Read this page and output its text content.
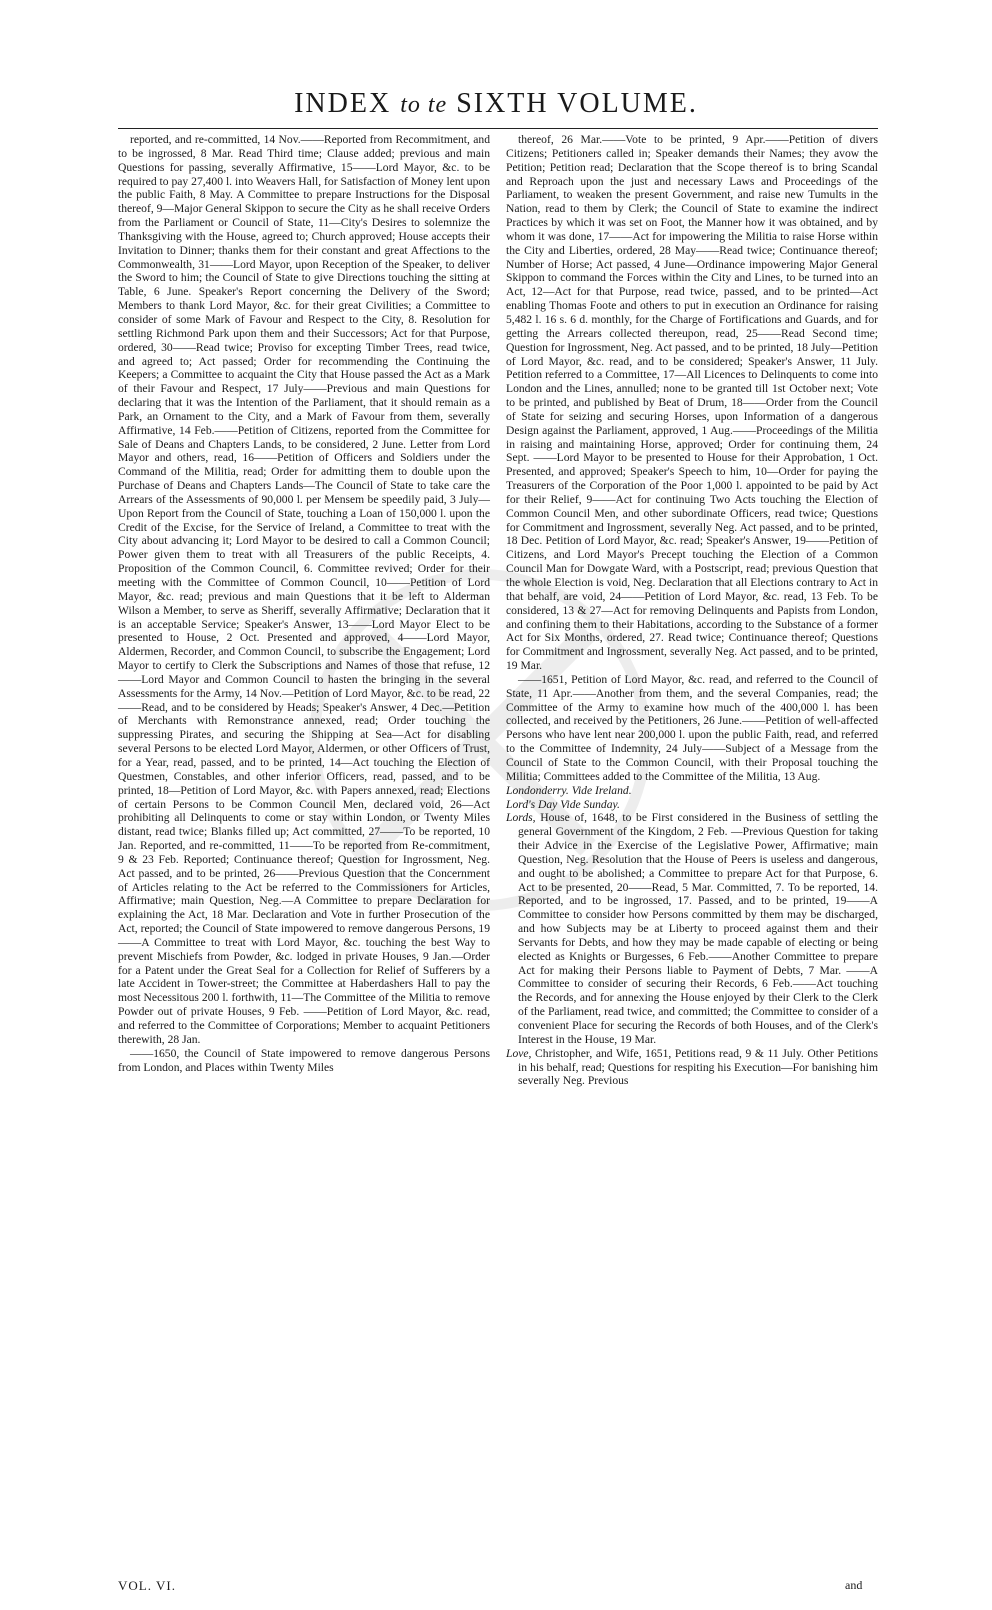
INDEX to te SIXTH VOLUME.

reported, and re-committed, 14 Nov.——Reported from Recommitment, and to be ingrossed, 8 Mar. Read Third time; Clause added; previous and main Questions for passing, severally Affirmative, 15——Lord Mayor, &c. to be required to pay 27,400 l. into Weavers Hall, for Satisfaction of Money lent upon the public Faith, 8 May. A Committee to prepare Instructions for the Disposal thereof, 9—Major General Skippon to secure the City as he shall receive Orders from the Parliament or Council of State, 11—City's Desires to solemnize the Thanksgiving with the House, agreed to; Church approved; House accepts their Invitation to Dinner; thanks them for their constant and great Affections to the Commonwealth, 31——Lord Mayor, upon Reception of the Speaker, to deliver the Sword to him; the Council of State to give Directions touching the sitting at Table, 6 June. Speaker's Report concerning the Delivery of the Sword; Members to thank Lord Mayor, &c. for their great Civilities; a Committee to consider of some Mark of Favour and Respect to the City, 8. Resolution for settling Richmond Park upon them and their Successors; Act for that Purpose, ordered, 30——Read twice; Proviso for excepting Timber Trees, read twice, and agreed to; Act passed; Order for recommending the Continuing the Keepers; a Committee to acquaint the City that House passed the Act as a Mark of their Favour and Respect, 17 July——Previous and main Questions for declaring that it was the Intention of the Parliament, that it should remain as a Park, an Ornament to the City, and a Mark of Favour from them, severally Affirmative, 14 Feb.——Petition of Citizens, reported from the Committee for Sale of Deans and Chapters Lands, to be considered, 2 June. Letter from Lord Mayor and others, read, 16——Petition of Officers and Soldiers under the Command of the Militia, read; Order for admitting them to double upon the Purchase of Deans and Chapters Lands—The Council of State to take care the Arrears of the Assessments of 90,000 l. per Mensem be speedily paid, 3 July—Upon Report from the Council of State, touching a Loan of 150,000 l. upon the Credit of the Excise, for the Service of Ireland, a Committee to treat with the City about advancing it; Lord Mayor to be desired to call a Common Council; Power given them to treat with all Treasurers of the public Receipts, 4. Proposition of the Common Council, 6. Committee revived; Order for their meeting with the Committee of Common Council, 10——Petition of Lord Mayor, &c. read; previous and main Questions that it be left to Alderman Wilson a Member, to serve as Sheriff, severally Affirmative; Declaration that it is an acceptable Service; Speaker's Answer, 13——Lord Mayor Elect to be presented to House, 2 Oct. Presented and approved, 4——Lord Mayor, Aldermen, Recorder, and Common Council, to subscribe the Engagement; Lord Mayor to certify to Clerk the Subscriptions and Names of those that refuse, 12——Lord Mayor and Common Council to hasten the bringing in the several Assessments for the Army, 14 Nov.—Petition of Lord Mayor, &c. to be read, 22——Read, and to be considered by Heads; Speaker's Answer, 4 Dec.—Petition of Merchants with Remonstrance annexed, read; Order touching the suppressing Pirates, and securing the Shipping at Sea—Act for disabling several Persons to be elected Lord Mayor, Aldermen, or other Officers of Trust, for a Year, read, passed, and to be printed, 14—Act touching the Election of Questmen, Constables, and other inferior Officers, read, passed, and to be printed, 18—Petition of Lord Mayor, &c. with Papers annexed, read; Elections of certain Persons to be Common Council Men, declared void, 26—Act prohibiting all Delinquents to come or stay within London, or Twenty Miles distant, read twice; Blanks filled up; Act committed, 27——To be reported, 10 Jan. Reported, and re-committed, 11——To be reported from Re-commitment, 9 & 23 Feb. Reported; Continuance thereof; Question for Ingrossment, Neg. Act passed, and to be printed, 26——Previous Question that the Concernment of Articles relating to the Act be referred to the Commissioners for Articles, Affirmative; main Question, Neg.—A Committee to prepare Declaration for explaining the Act, 18 Mar. Declaration and Vote in further Prosecution of the Act, reported; the Council of State impowered to remove dangerous Persons, 19——A Committee to treat with Lord Mayor, &c. touching the best Way to prevent Mischiefs from Powder, &c. lodged in private Houses, 9 Jan.—Order for a Patent under the Great Seal for a Collection for Relief of Sufferers by a late Accident in Tower-street; the Committee at Haberdashers Hall to pay the most Necessitous 200 l. forthwith, 11—The Committee of the Militia to remove Powder out of private Houses, 9 Feb. ——Petition of Lord Mayor, &c. read, and referred to the Committee of Corporations; Member to acquaint Petitioners therewith, 28 Jan.

——1650, the Council of State impowered to remove dangerous Persons from London, and Places within Twenty Miles

thereof, 26 Mar.——Vote to be printed, 9 Apr.——Petition of divers Citizens; Petitioners called in; Speaker demands their Names; they avow the Petition; Petition read; Declaration that the Scope thereof is to bring Scandal and Reproach upon the just and necessary Laws and Proceedings of the Parliament, to weaken the present Government, and raise new Tumults in the Nation, read to them by Clerk; the Council of State to examine the indirect Practices by which it was set on Foot, the Manner how it was obtained, and by whom it was done, 17——Act for impowering the Militia to raise Horse within the City and Liberties, ordered, 28 May——Read twice; Continuance thereof; Number of Horse; Act passed, 4 June—Ordinance impowering Major General Skippon to command the Forces within the City and Lines, to be turned into an Act, 12—Act for that Purpose, read twice, passed, and to be printed—Act enabling Thomas Foote and others to put in execution an Ordinance for raising 5,482 l. 16 s. 6 d. monthly, for the Charge of Fortifications and Guards, and for getting the Arrears collected thereupon, read, 25——Read Second time; Question for Ingrossment, Neg. Act passed, and to be printed, 18 July—Petition of Lord Mayor, &c. read, and to be considered; Speaker's Answer, 11 July. Petition referred to a Committee, 17—All Licences to Delinquents to come into London and the Lines, annulled; none to be granted till 1st October next; Vote to be printed, and published by Beat of Drum, 18——Order from the Council of State for seizing and securing Horses, upon Information of a dangerous Design against the Parliament, approved, 1 Aug.——Proceedings of the Militia in raising and maintaining Horse, approved; Order for continuing them, 24 Sept. ——Lord Mayor to be presented to House for their Approbation, 1 Oct. Presented, and approved; Speaker's Speech to him, 10—Order for paying the Treasurers of the Corporation of the Poor 1,000 l. appointed to be paid by Act for their Relief, 9——Act for continuing Two Acts touching the Election of Common Council Men, and other subordinate Officers, read twice; Questions for Commitment and Ingrossment, severally Neg. Act passed, and to be printed, 18 Dec. Petition of Lord Mayor, &c. read; Speaker's Answer, 19——Petition of Citizens, and Lord Mayor's Precept touching the Election of a Common Council Man for Dowgate Ward, with a Postscript, read; previous Question that the whole Election is void, Neg. Declaration that all Elections contrary to Act in that behalf, are void, 24——Petition of Lord Mayor, &c. read, 13 Feb. To be considered, 13 & 27—Act for removing Delinquents and Papists from London, and confining them to their Habitations, according to the Substance of a former Act for Six Months, ordered, 27. Read twice; Continuance thereof; Questions for Commitment and Ingrossment, severally Neg. Act passed, and to be printed, 19 Mar.

——1651, Petition of Lord Mayor, &c. read, and referred to the Council of State, 11 Apr.——Another from them, and the several Companies, read; the Committee of the Army to examine how much of the 400,000 l. has been collected, and received by the Petitioners, 26 June.——Petition of well-affected Persons who have lent near 200,000 l. upon the public Faith, read, and referred to the Committee of Indemnity, 24 July——Subject of a Message from the Council of State to the Common Council, with their Proposal touching the Militia; Committees added to the Committee of the Militia, 13 Aug.

Londonderry. Vide Ireland.

Lord's Day Vide Sunday.

Lords, House of, 1648, to be First considered in the Business of settling the general Government of the Kingdom, 2 Feb. —Previous Question for taking their Advice in the Exercise of the Legislative Power, Affirmative; main Question, Neg. Resolution that the House of Peers is useless and dangerous, and ought to be abolished; a Committee to prepare Act for that Purpose, 6. Act to be presented, 20——Read, 5 Mar. Committed, 7. To be reported, 14. Reported, and to be ingrossed, 17. Passed, and to be printed, 19——A Committee to consider how Persons committed by them may be discharged, and how Subjects may be at Liberty to proceed against them and their Servants for Debts, and how they may be made capable of electing or being elected as Knights or Burgesses, 6 Feb.——Another Committee to prepare Act for making their Persons liable to Payment of Debts, 7 Mar. ——A Committee to consider of securing their Records, 6 Feb.——Act touching the Records, and for annexing the House enjoyed by their Clerk to the Clerk of the Parliament, read twice, and committed; the Committee to consider of a convenient Place for securing the Records of both Houses, and of the Clerk's Interest in the House, 19 Mar.

Love, Christopher, and Wife, 1651, Petitions read, 9 & 11 July. Other Petitions in his behalf, read; Questions for respiting his Execution—For banishing him severally Neg. Previous

VOL. VI.	and
